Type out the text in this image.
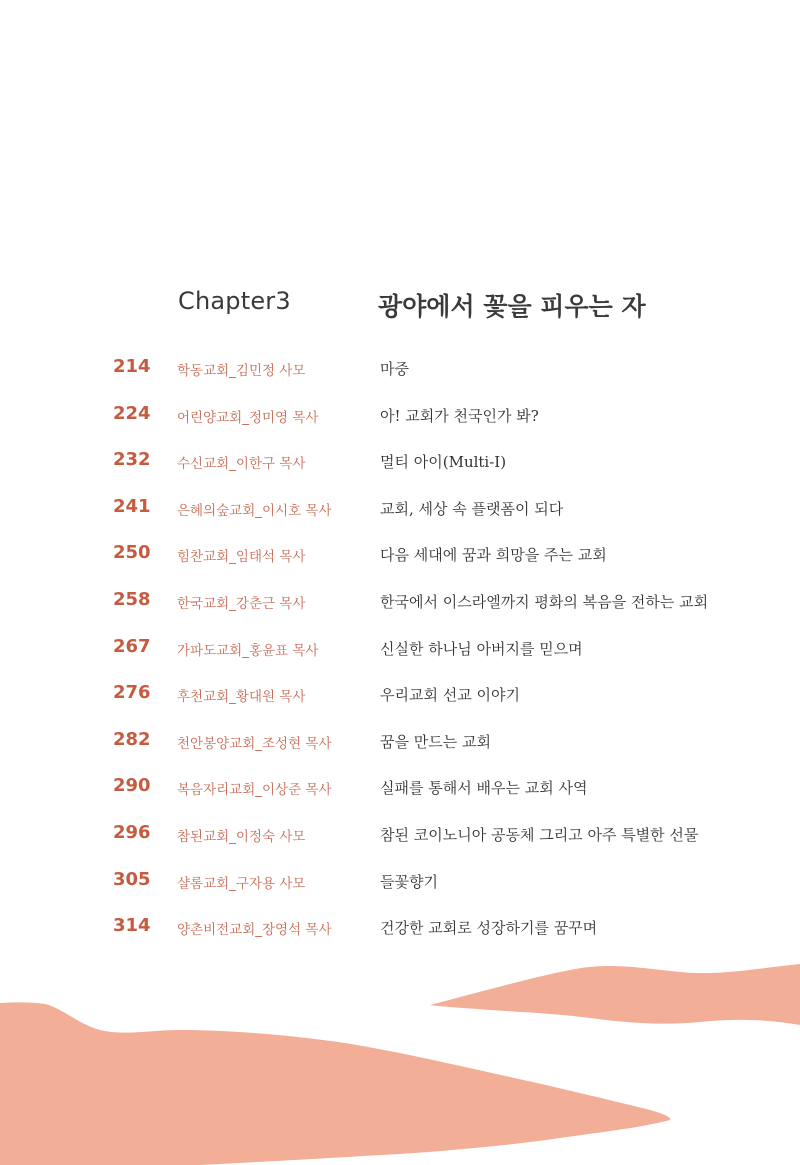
Chapter3	광야에서 꽃을 피우는 자
214 학동교회_김민정 사모	마중
224 어린양교회_정미영 목사	아! 교회가 천국인가 봐?
232 수신교회_이한구 목사	멀티 아이(Multi-I)
241 은혜의숲교회_이시호 목사	교회, 세상 속 플랫폼이 되다
250 힘찬교회_임태석 목사	다음 세대에 꿈과 희망을 주는 교회
258 한국교회_강춘근 목사	한국에서 이스라엘까지 평화의 복음을 전하는 교회
267 가파도교회_홍윤표 목사	신실한 하나님 아버지를 믿으며
276 후천교회_황대원 목사	우리교회 선교 이야기
282 천안봉양교회_조성현 목사	꿈을 만드는 교회
290 복음자리교회_이상준 목사	실패를 통해서 배우는 교회 사역
296 참된교회_이정숙 사모	참된 코이노니아 공동체 그리고 아주 특별한 선물
305 샬롬교회_구자용 사모	들꽃향기
314 양촌비전교회_장영석 목사	건강한 교회로 성장하기를 꿈꾸며
